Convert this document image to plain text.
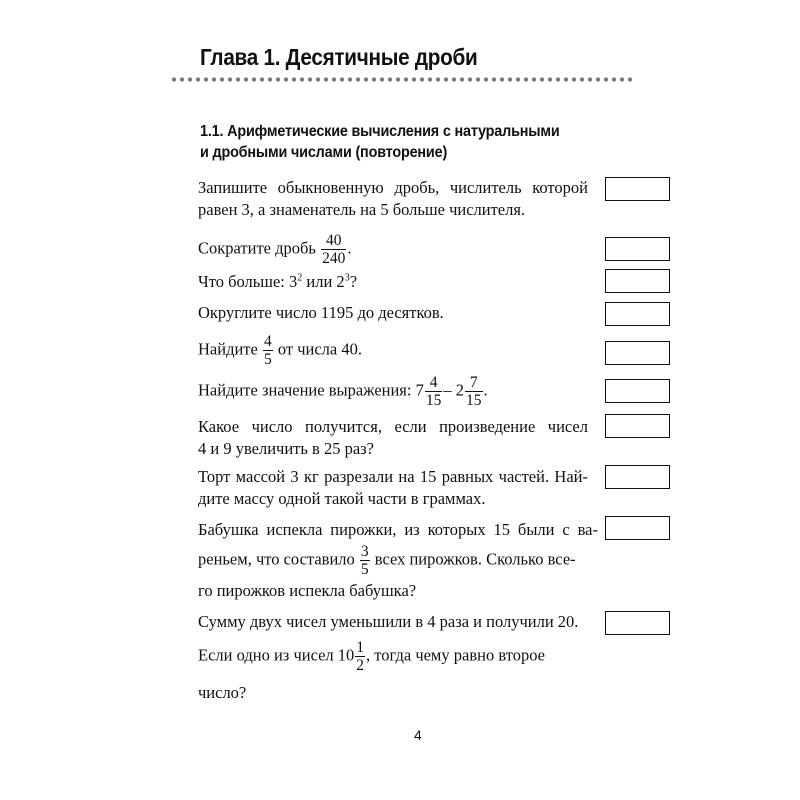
Глава 1. Десятичные дроби
1.1. Арифметические вычисления с натуральными
и дробными числами (повторение)
Запишите обыкновенную дробь, числитель которой
равен 3, а знаменатель на 5 больше числителя.
Сократите дробь $\frac{40}{240}$ .
Что больше: $3^2$ или $2^3$?
Округлите число 1195 до десятков.
Найдите $\frac{4}{5}$ от числа 40.
Найдите значение выражения: $7 \frac{4}{15} - 2 \frac{7}{15}$ .
Какое число получится, если произведение чисел
4 и 9 увеличить в 25 раз?
Торт массой 3 кг разрезали на 15 равных частей. Най-
дите массу одной такой части в граммах.
Бабушка испекла пирожки, из которых 15 были с ва-
реньем, что составило $\frac{3}{5}$ всех пирожков. Сколько все-
го пирожков испекла бабушка?
Сумму двух чисел уменьшили в 4 раза и получили 20.
Если одно из чисел $10 \frac{1}{2}$ , тогда чему равно второе
число?
4
